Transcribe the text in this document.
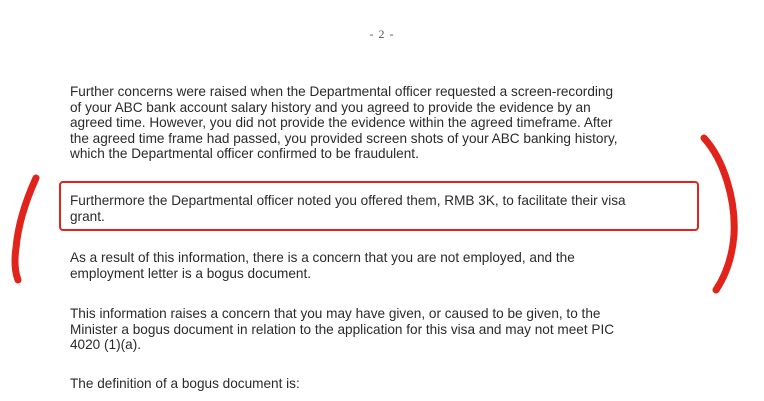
- 2 -

Further concerns were raised when the Departmental officer requested a screen-recording
of your ABC bank account salary history and you agreed to provide the evidence by an
agreed time. However, you did not provide the evidence within the agreed timeframe. After
the agreed time frame had passed, you provided screen shots of your ABC banking history,
which the Departmental officer confirmed to be fraudulent.

Furthermore the Departmental officer noted you offered them, RMB 3K, to facilitate their visa
grant.

As a result of this information, there is a concern that you are not employed, and the
employment letter is a bogus document.

This information raises a concern that you may have given, or caused to be given, to the
Minister a bogus document in relation to the application for this visa and may not meet PIC
4020 (1)(a).

The definition of a bogus document is:
